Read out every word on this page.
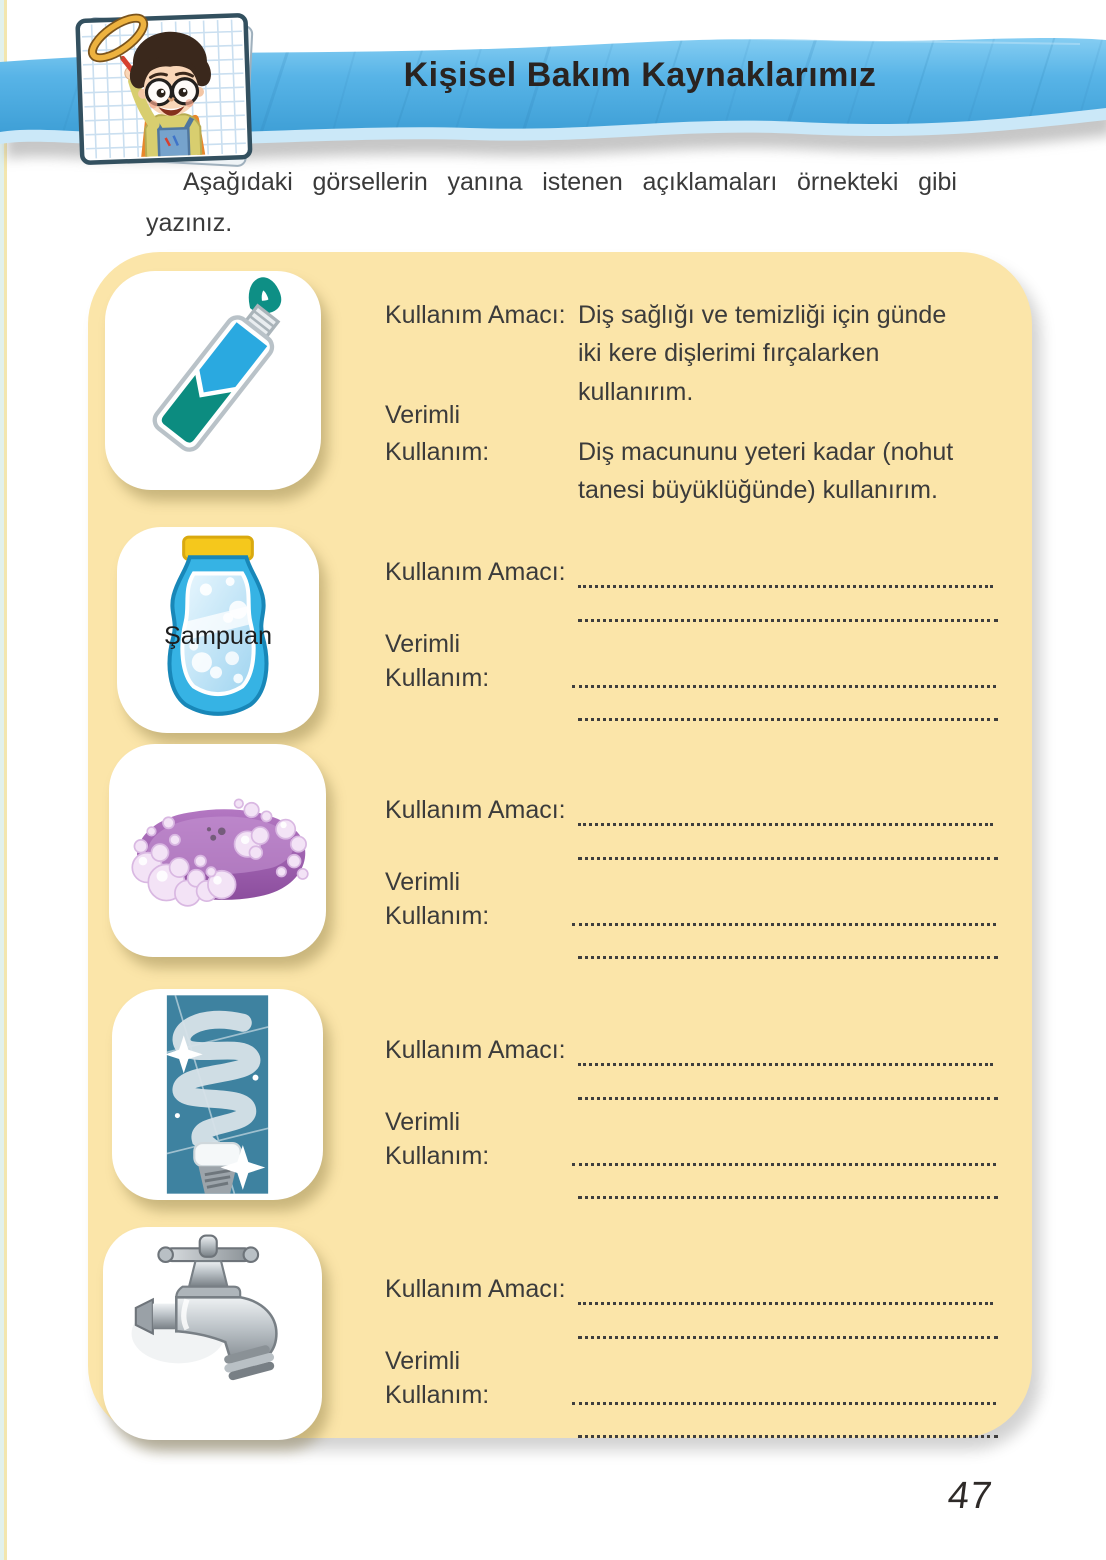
Kişisel Bakım Kaynaklarımız
Aşağıdaki görsellerin yanına istenen açıklamaları örnekteki gibi
yazınız.
Şampuan
Kullanım Amacı: Diş sağlığı ve temizliği için günde
iki kere dişlerimi fırçalarken
kullanırım.
Verimli
Kullanım:	Diş macununu yeteri kadar (nohut
tanesi büyüklüğünde) kullanırım.
Kullanım Amacı:
Verimli
Kullanım:
Kullanım Amacı:
Verimli
Kullanım:
Kullanım Amacı:
Verimli
Kullanım:
Kullanım Amacı:
Verimli
Kullanım:
47
